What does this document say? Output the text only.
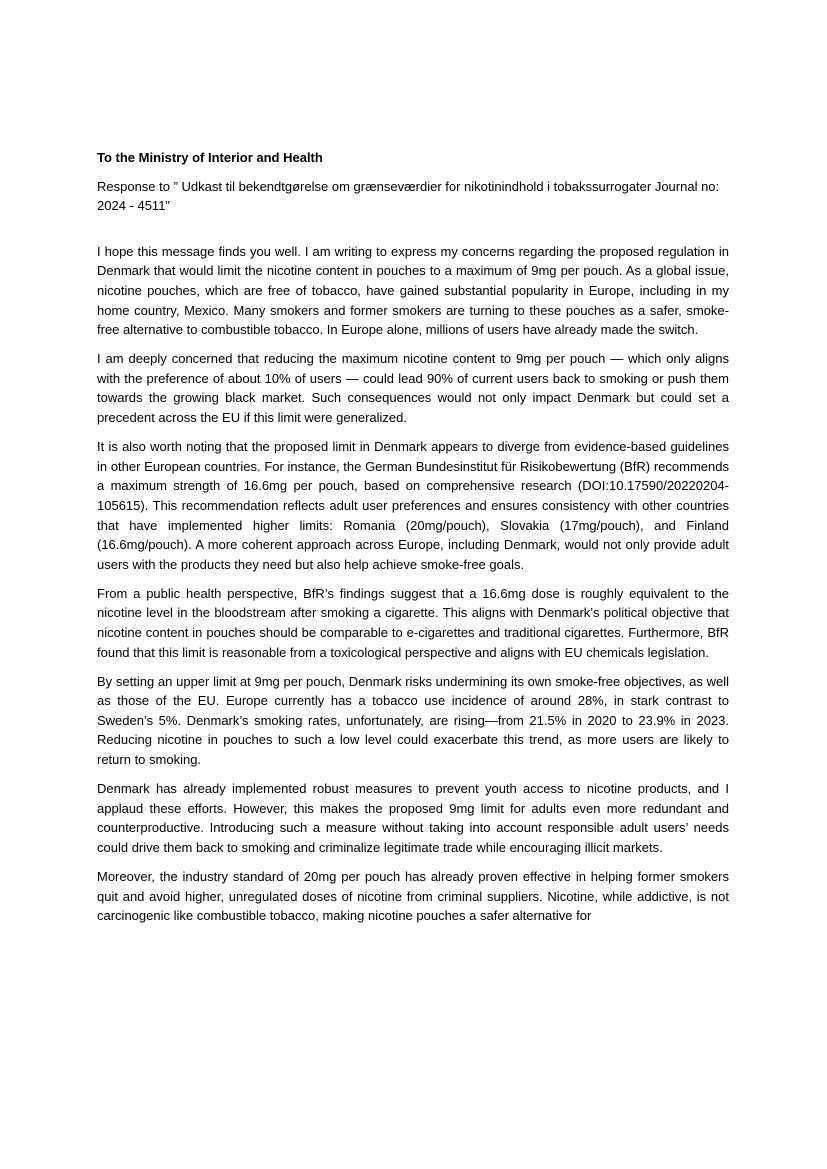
To the Ministry of Interior and Health

Response to ” Udkast til bekendtgørelse om grænseværdier for nikotinindhold i tobakssurrogater Journal no: 2024 - 4511”

I hope this message finds you well. I am writing to express my concerns regarding the proposed regulation in Denmark that would limit the nicotine content in pouches to a maximum of 9mg per pouch. As a global issue, nicotine pouches, which are free of tobacco, have gained substantial popularity in Europe, including in my home country, Mexico. Many smokers and former smokers are turning to these pouches as a safer, smoke-free alternative to combustible tobacco. In Europe alone, millions of users have already made the switch.

I am deeply concerned that reducing the maximum nicotine content to 9mg per pouch — which only aligns with the preference of about 10% of users — could lead 90% of current users back to smoking or push them towards the growing black market. Such consequences would not only impact Denmark but could set a precedent across the EU if this limit were generalized.

It is also worth noting that the proposed limit in Denmark appears to diverge from evidence-based guidelines in other European countries. For instance, the German Bundesinstitut für Risikobewertung (BfR) recommends a maximum strength of 16.6mg per pouch, based on comprehensive research (DOI:10.17590/20220204-105615). This recommendation reflects adult user preferences and ensures consistency with other countries that have implemented higher limits: Romania (20mg/pouch), Slovakia (17mg/pouch), and Finland (16.6mg/pouch). A more coherent approach across Europe, including Denmark, would not only provide adult users with the products they need but also help achieve smoke-free goals.

From a public health perspective, BfR’s findings suggest that a 16.6mg dose is roughly equivalent to the nicotine level in the bloodstream after smoking a cigarette. This aligns with Denmark’s political objective that nicotine content in pouches should be comparable to e-cigarettes and traditional cigarettes. Furthermore, BfR found that this limit is reasonable from a toxicological perspective and aligns with EU chemicals legislation.

By setting an upper limit at 9mg per pouch, Denmark risks undermining its own smoke-free objectives, as well as those of the EU. Europe currently has a tobacco use incidence of around 28%, in stark contrast to Sweden’s 5%. Denmark’s smoking rates, unfortunately, are rising—from 21.5% in 2020 to 23.9% in 2023. Reducing nicotine in pouches to such a low level could exacerbate this trend, as more users are likely to return to smoking.

Denmark has already implemented robust measures to prevent youth access to nicotine products, and I applaud these efforts. However, this makes the proposed 9mg limit for adults even more redundant and counterproductive. Introducing such a measure without taking into account responsible adult users’ needs could drive them back to smoking and criminalize legitimate trade while encouraging illicit markets.

Moreover, the industry standard of 20mg per pouch has already proven effective in helping former smokers quit and avoid higher, unregulated doses of nicotine from criminal suppliers. Nicotine, while addictive, is not carcinogenic like combustible tobacco, making nicotine pouches a safer alternative for
